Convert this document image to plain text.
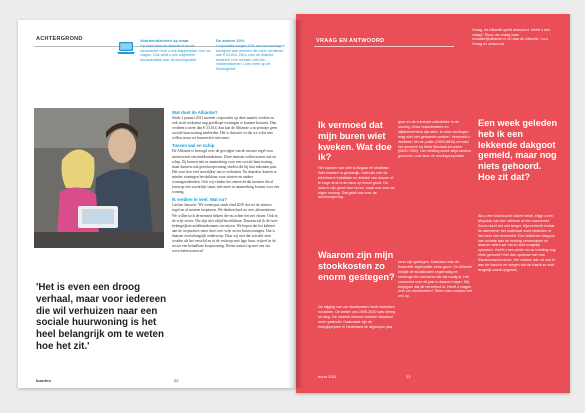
ACHTERGROND	Voorbeeldzinnen op maat
Op onze www.de-alliantie.nl en de nieuwsbrief vindt u ons stappenplan voor uw vragen. Ook vindt u ons uitgebreid documentatie over de woningmarkt.
De andere 10%
Corporaties mogen 10% van hun woningen toewijzen aan mensen die meer verdienen dan € 33.614. Dit is voor de Alliantie bestemd voor mensen met een middeninkomen. Lees meer op de Woningbrief.
Wat doet de Alliantie?

Sinds 1 januari 2011 moeten corporaties op deze manier werken en ook in de toekomst nog goedkope woningen te kunnen bouwen. Dan verdient u meer dan € 33.614, dan kan de Alliantie u in principe geen sociale huurwoning aanbieden. Het is dan niet zo dat we u dat niet willen, maar we kunnen het niet meer.

Tussen wal en schip

De Alliantie is bezorgd over de gevolgen van de nieuwe regel voor mensen met een middeninkomen. Deze mensen vallen tussen wal en schip. Zij komen niet in aanmerking voor een sociale huurwoning, maar kunnen ook geen koopwoning vinden die bij hun inkomen past. Het voor hen veel moeilijker om te verhuizen. En daardoor komen er minder woningen beschikbaar voor starters en andere woningzoekenden. Ook wij vinden het onterecht dat mensen die al jaren op een wachtlijst staan, niet meer in aanmerking komen voor een woning.

Ik verdien te veel. Wat nu?

Carlien Janssen: 'We weten pas sinds eind 2010 dat we de nieuwe regel nu al moeten toepassen. We denken hard na over alternatieven. We willen toch de mensen helpen die nu achter het net vissen. Ook in de vrije sector. Die zijn niet altijd beschikbaar. Daarom zal ik de twee belangrijkste middeninkomens verwijzen. We hopen dat het kabinet aan de corporaties meer doet over vrije sector huurwoningen. Dat is daarom een belangrijk onderwerp. Daar wij niet dat verschil zien zouden als het verschil en in de verkoop met lage huur, vrijwel in de sector een betaalbare koopwoning. Neem contact op met ons via www.beterwonen.nl.'

'Het is even een droog verhaal, maar voor iedereen die wil verhuizen naar een sociale huurwoning is het heel belangrijk om te weten hoe het zit.'
buurten	22
VRAAG EN ANTWOORD
Vraag, de Alliantie geeft antwoord. Heeft u een vraag? Stuur uw vraag naar redactie@alliantie.nl of naar de Alliantie, t.a.v. Vraag en antwoord.
Ik vermoed dat mijn buren wiet kweken. Wat doe ik?

Het kweken van wiet is illegaal en strafbaar. Wiet kweken is gevaarlijk. Gebruikt met de elektrische installatie en diefstal van stroom of te hoge druk is de kans op brand groot. De risico's zijn groot voor buren, maar ook voor de eigen woning. Dat geldt ook voor de woonomgeving.

geur en de criminele activiteiten in de woning. Onze huismeesters en wijkbeheerders zijn alert. In onze woningen mag wiet niet gekweekt worden. Vermoedt u wietteelt, bel de politie (0900-8844) of meld het anoniem bij Meld Misdaad Anoniem (0800-7000). Uw melding wordt altijd serieus genomen, ook door de woningcorporatie.

Waarom zijn mijn stookkosten zo enorm gestegen?

De stijging van uw stookkosten heeft meerdere oorzaken. De winter van 2009-2010 was streng en lang. De meeste mensen hebben daardoor meer gestookt. Daarnaast zijn de energieprijzen in Nederland de afgelopen jaar

weer zijn gestegen. Daardoor was de financiële tegenvaller extra groot. De Alliantie bekijkt de stookkosten regelmatig en verhoogt het voorschot als dat nodig is. Het voorschot voor dit jaar is daarom hoger. Wij begrijpen dat dit vervelend is. Heeft u vragen over uw stookkosten? Neem dan contact met ons op.

Een week geleden heb ik een lekkende dakgoot gemeld, maar nog niets gehoord. Hoe zit dat?

Als u een technische klacht meldt, krijgt u een afspraak van een vakman of een aannemer. Soms duurt het wat langer, bijvoorbeeld omdat de aannemer het materiaal moet bestellen of het weer niet meewerkt. Een lekkende dakgoot kan schade aan de woning veroorzaken en daarom willen we het zo snel mogelijk oplossen. Heeft u een week na uw melding nog niets gehoord? Bel dan opnieuw met ons Klantcontactcentrum. We zoeken dan uit wat er aan de hand is en zorgen dat de klacht zo snel mogelijk wordt opgelost.

buurt 2011	23
